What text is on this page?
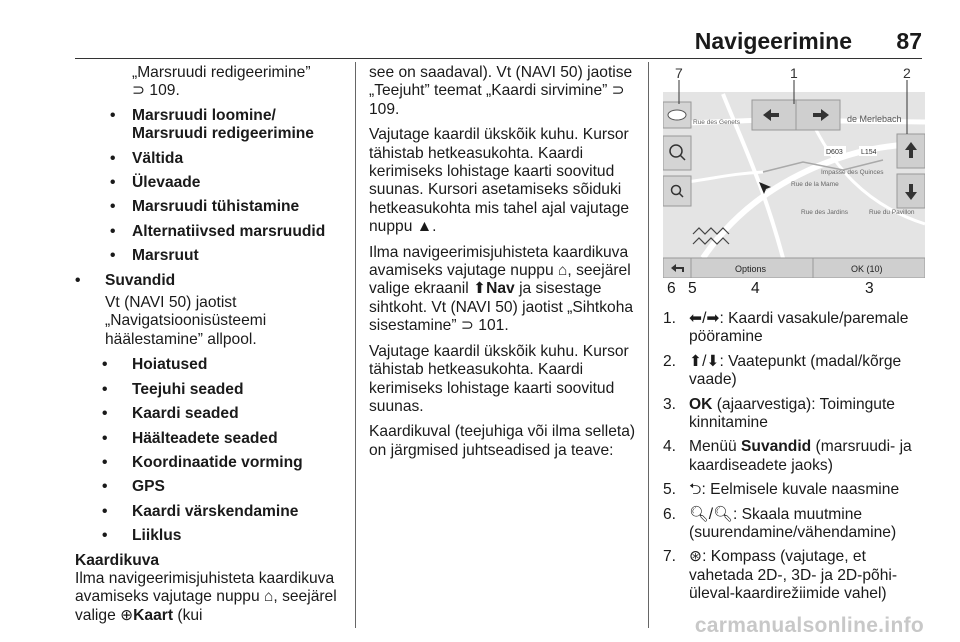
Navigeerimine 87

„Marsruudi redigeerimine”
⊃ 109.

• Marsruudi loomine/
Marsruudi redigeerimine
• Vältida
• Ülevaade
• Marsruudi tühistamine
• Alternatiivsed marsruudid
• Marsruut
• Suvandid

Vt (NAVI 50) jaotist „Navigatsioonisüsteemi häälestamine” allpool.

• Hoiatused
• Teejuhi seaded
• Kaardi seaded
• Häälteadete seaded
• Koordinaatide vorming
• GPS
• Kaardi värskendamine
• Liiklus
Kaardikuva
Ilma navigeerimisjuhisteta kaardikuva avamiseks vajutage nuppu ⌂, seejärel valige ⊕Kaart (kui

see on saadaval). Vt (NAVI 50) jaotise „Teejuht” teemat „Kaardi sirvimine” ⊃ 109.

Vajutage kaardil ükskõik kuhu. Kursor tähistab hetkeasukohta. Kaardi kerimiseks lohistage kaarti soovitud suunas. Kursori asetamiseks sõiduki hetkeasukohta mis tahel ajal vajutage nuppu ▲.

Ilma navigeerimisjuhisteta kaardikuva avamiseks vajutage nuppu ⌂, seejärel valige ekraanil ⬆Nav ja sisestage sihtkoht. Vt (NAVI 50) jaotist „Sihtkoha sisestamine” ⊃ 101.

Vajutage kaardil ükskõik kuhu. Kursor tähistab hetkeasukohta. Kaardi kerimiseks lohistage kaarti soovitud suunas.

Kaardikuval (teejuhiga või ilma selleta) on järgmised juhtseadised ja teave:

de Merlebach
D603	L154
Rue de la Mame
Rue des Jardins
Impasse des Quinces
Rue du Pavillon
Rue des Genets
Options	OK (10)
7	1	2
6 5	4	3
1. ⬅/➡: Kaardi vasakule/paremale pööramine
2. ⬆/⬇: Vaatepunkt (madal/kõrge vaade)
3. OK (ajaarvestiga): Toimingute kinnitamine
4. Menüü Suvandid (marsruudi- ja kaardiseadete jaoks)
5. ⮌: Eelmisele kuvale naasmine
6. 🔍︎/🔍︎: Skaala muutmine (suurendamine/vähendamine)
7. ⊛: Kompass (vajutage, et vahetada 2D-, 3D- ja 2D-põhi-üleval-kaardirežiimide vahel)
carmanualsonline.info
